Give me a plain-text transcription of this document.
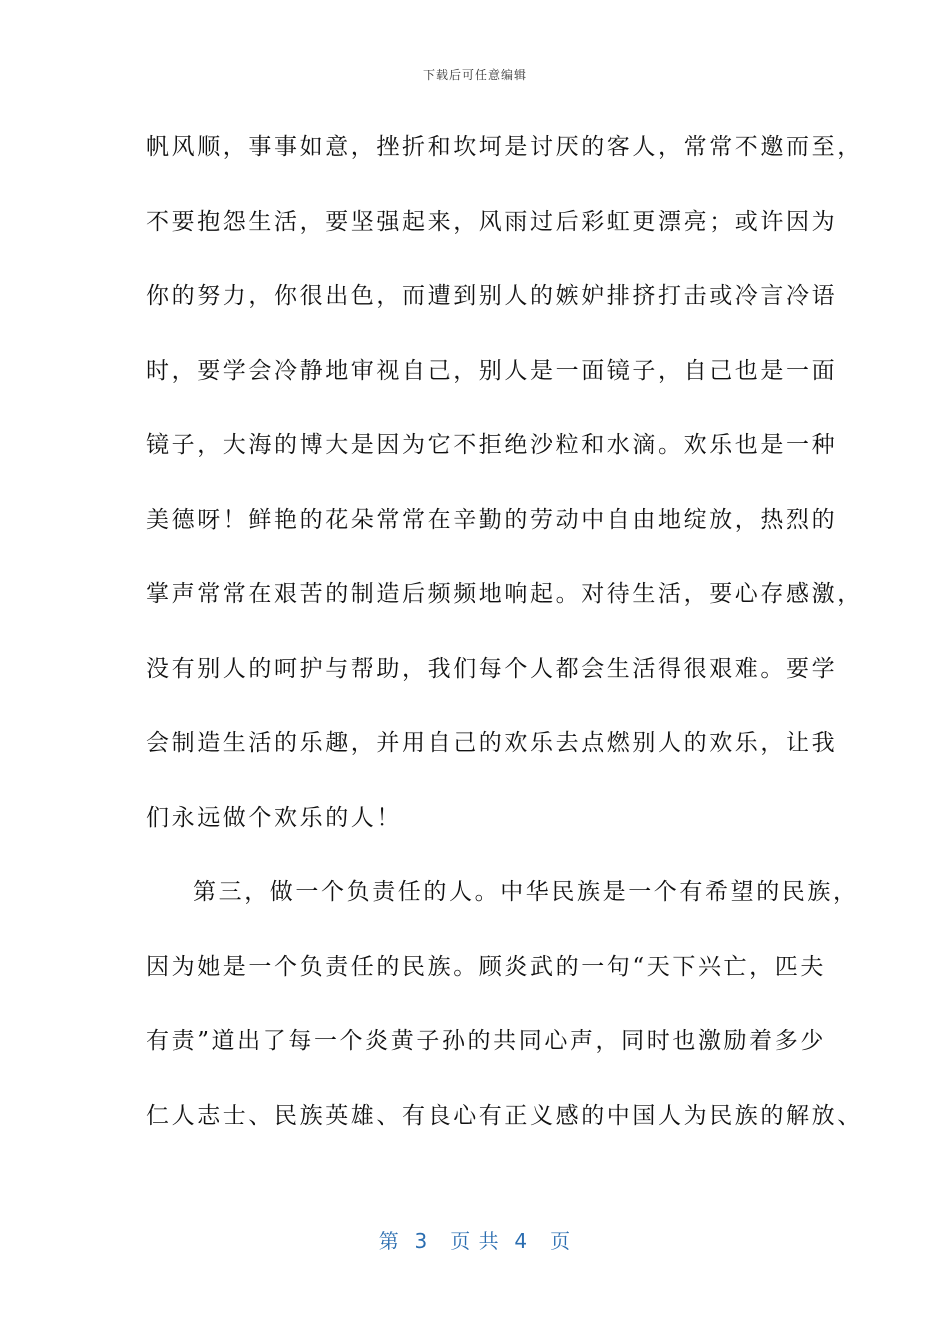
下载后可任意编辑
帆风顺，事事如意，挫折和坎坷是讨厌的客人，常常不邀而至，
不要抱怨生活，要坚强起来，风雨过后彩虹更漂亮；或许因为
你的努力，你很出色，而遭到别人的嫉妒排挤打击或冷言冷语
时，要学会冷静地审视自己，别人是一面镜子，自己也是一面
镜子，大海的博大是因为它不拒绝沙粒和水滴。欢乐也是一种
美德呀！鲜艳的花朵常常在辛勤的劳动中自由地绽放，热烈的
掌声常常在艰苦的制造后频频地响起。对待生活，要心存感激，
没有别人的呵护与帮助，我们每个人都会生活得很艰难。要学
会制造生活的乐趣，并用自己的欢乐去点燃别人的欢乐，让我
们永远做个欢乐的人！
第三，做一个负责任的人。中华民族是一个有希望的民族，
因为她是一个负责任的民族。顾炎武的一句“天下兴亡，匹夫
有责”道出了每一个炎黄子孙的共同心声，同时也激励着多少
仁人志士、民族英雄、有良心有正义感的中国人为民族的解放、
第  3   页 共  4   页
